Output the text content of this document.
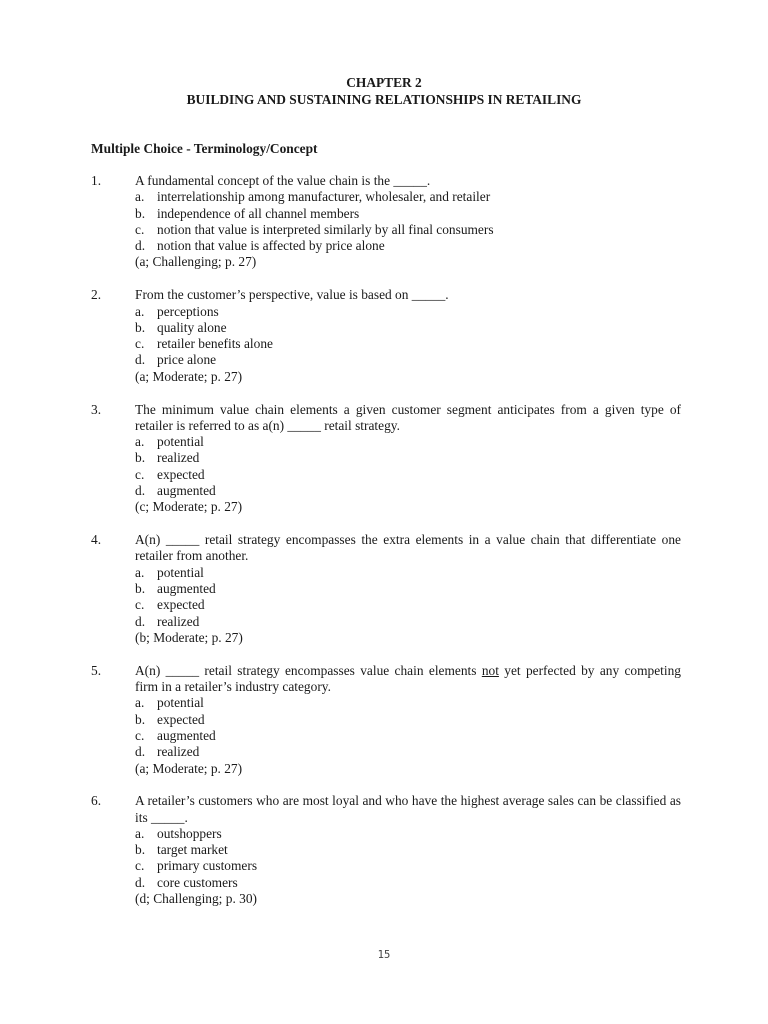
CHAPTER 2
BUILDING AND SUSTAINING RELATIONSHIPS IN RETAILING
Multiple Choice - Terminology/Concept
1.	A fundamental concept of the value chain is the _____.
a. interrelationship among manufacturer, wholesaler, and retailer
b. independence of all channel members
c. notion that value is interpreted similarly by all final consumers
d. notion that value is affected by price alone
(a; Challenging; p. 27)
2.	From the customer’s perspective, value is based on _____.
a. perceptions
b. quality alone
c. retailer benefits alone
d. price alone
(a; Moderate; p. 27)
3.	The minimum value chain elements a given customer segment anticipates from a given type of retailer is referred to as a(n) _____ retail strategy.
a. potential
b. realized
c. expected
d. augmented
(c; Moderate; p. 27)
4.	A(n) _____ retail strategy encompasses the extra elements in a value chain that differentiate one retailer from another.
a. potential
b. augmented
c. expected
d. realized
(b; Moderate; p. 27)
5.	A(n) _____ retail strategy encompasses value chain elements not yet perfected by any competing firm in a retailer’s industry category.
a. potential
b. expected
c. augmented
d. realized
(a; Moderate; p. 27)
6.	A retailer’s customers who are most loyal and who have the highest average sales can be classified as its _____.
a. outshoppers
b. target market
c. primary customers
d. core customers
(d; Challenging; p. 30)
15
